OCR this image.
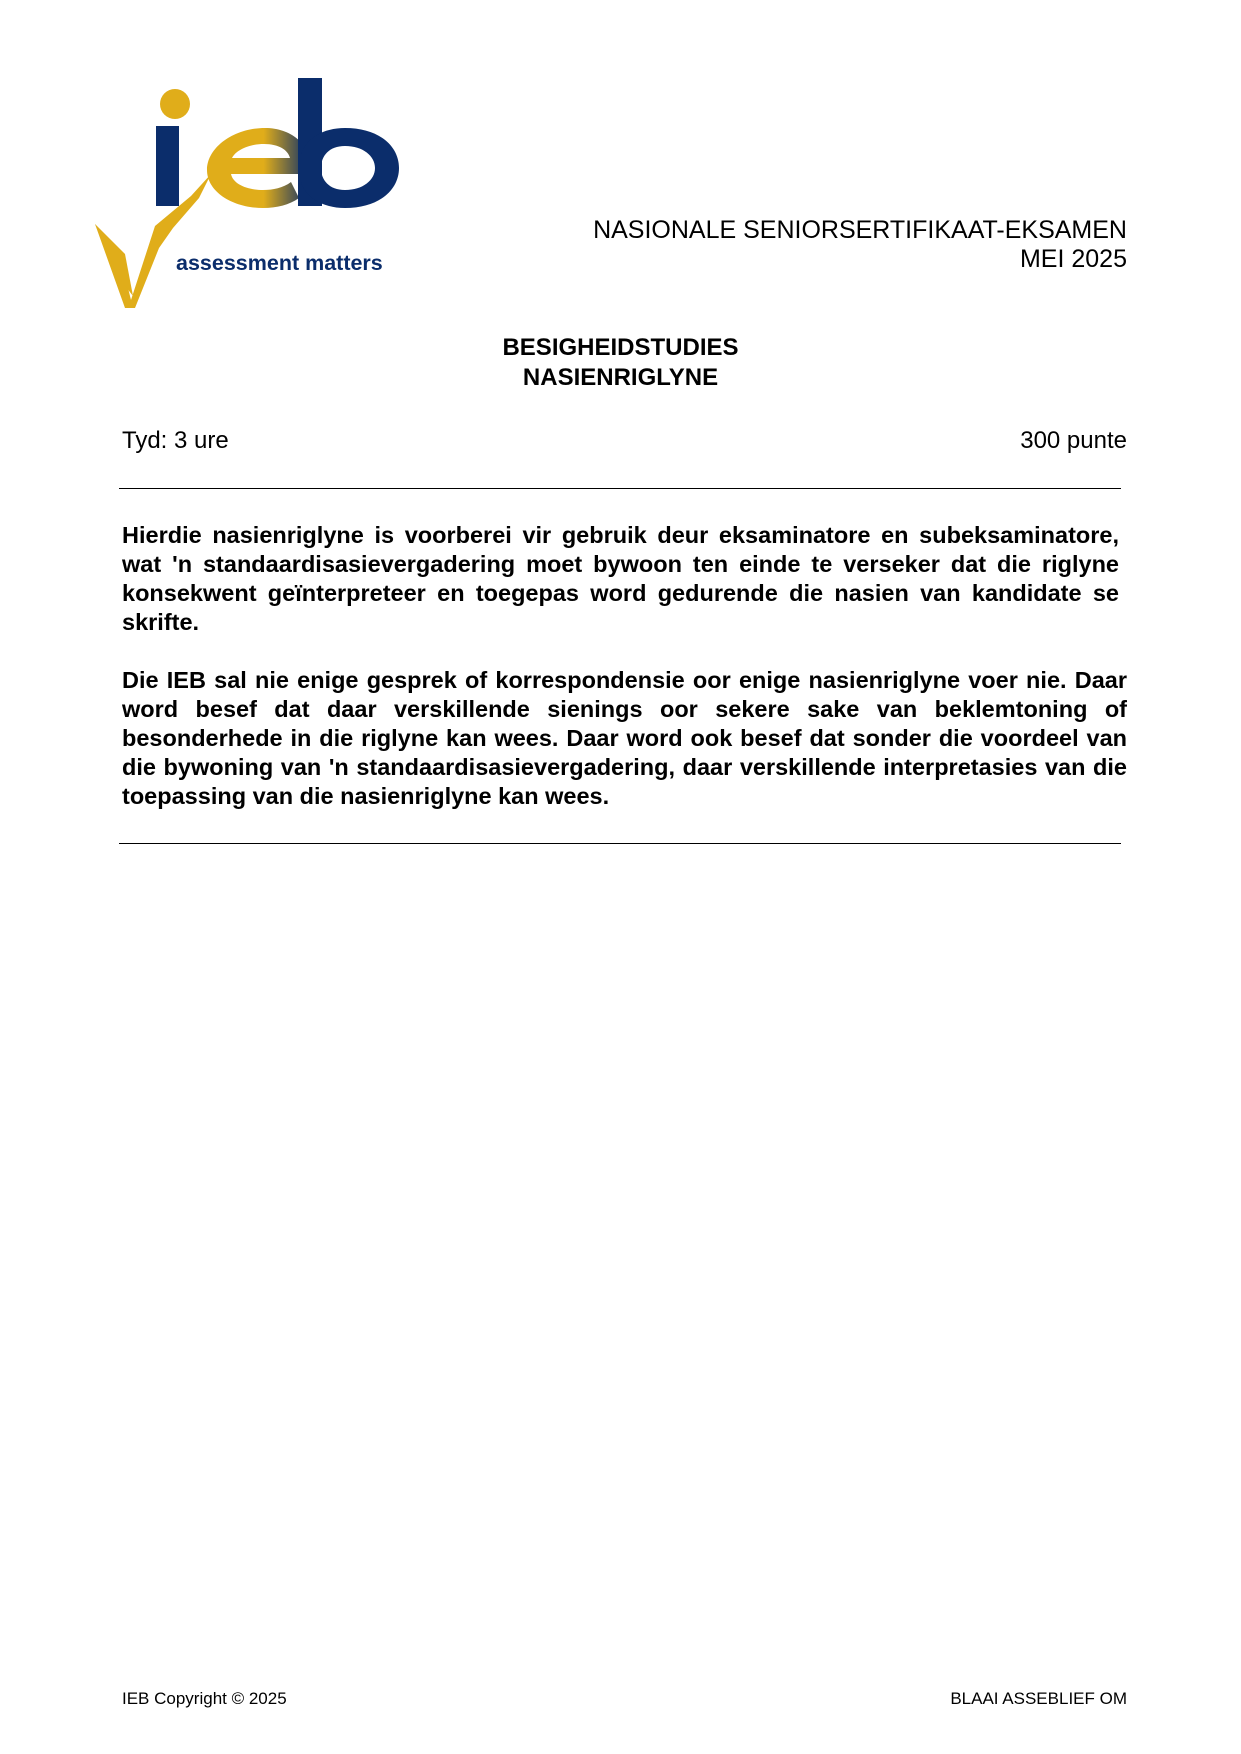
assessment matters
NASIONALE SENIORSERTIFIKAAT-EKSAMEN
MEI 2025
BESIGHEIDSTUDIES
NASIENRIGLYNE
Tyd: 3 ure	300 punte

Hierdie nasienriglyne is voorberei vir gebruik deur eksaminatore en subeksaminatore, wat 'n standaardisasievergadering moet bywoon ten einde te verseker dat die riglyne konsekwent geïnterpreteer en toegepas word gedurende die nasien van kandidate se skrifte.

Die IEB sal nie enige gesprek of korrespondensie oor enige nasienriglyne voer nie. Daar word besef dat daar verskillende sienings oor sekere sake van beklemtoning of besonderhede in die riglyne kan wees. Daar word ook besef dat sonder die voordeel van die bywoning van 'n standaardisasievergadering, daar verskillende interpretasies van die toepassing van die nasienriglyne kan wees.

IEB Copyright © 2025	BLAAI ASSEBLIEF OM
